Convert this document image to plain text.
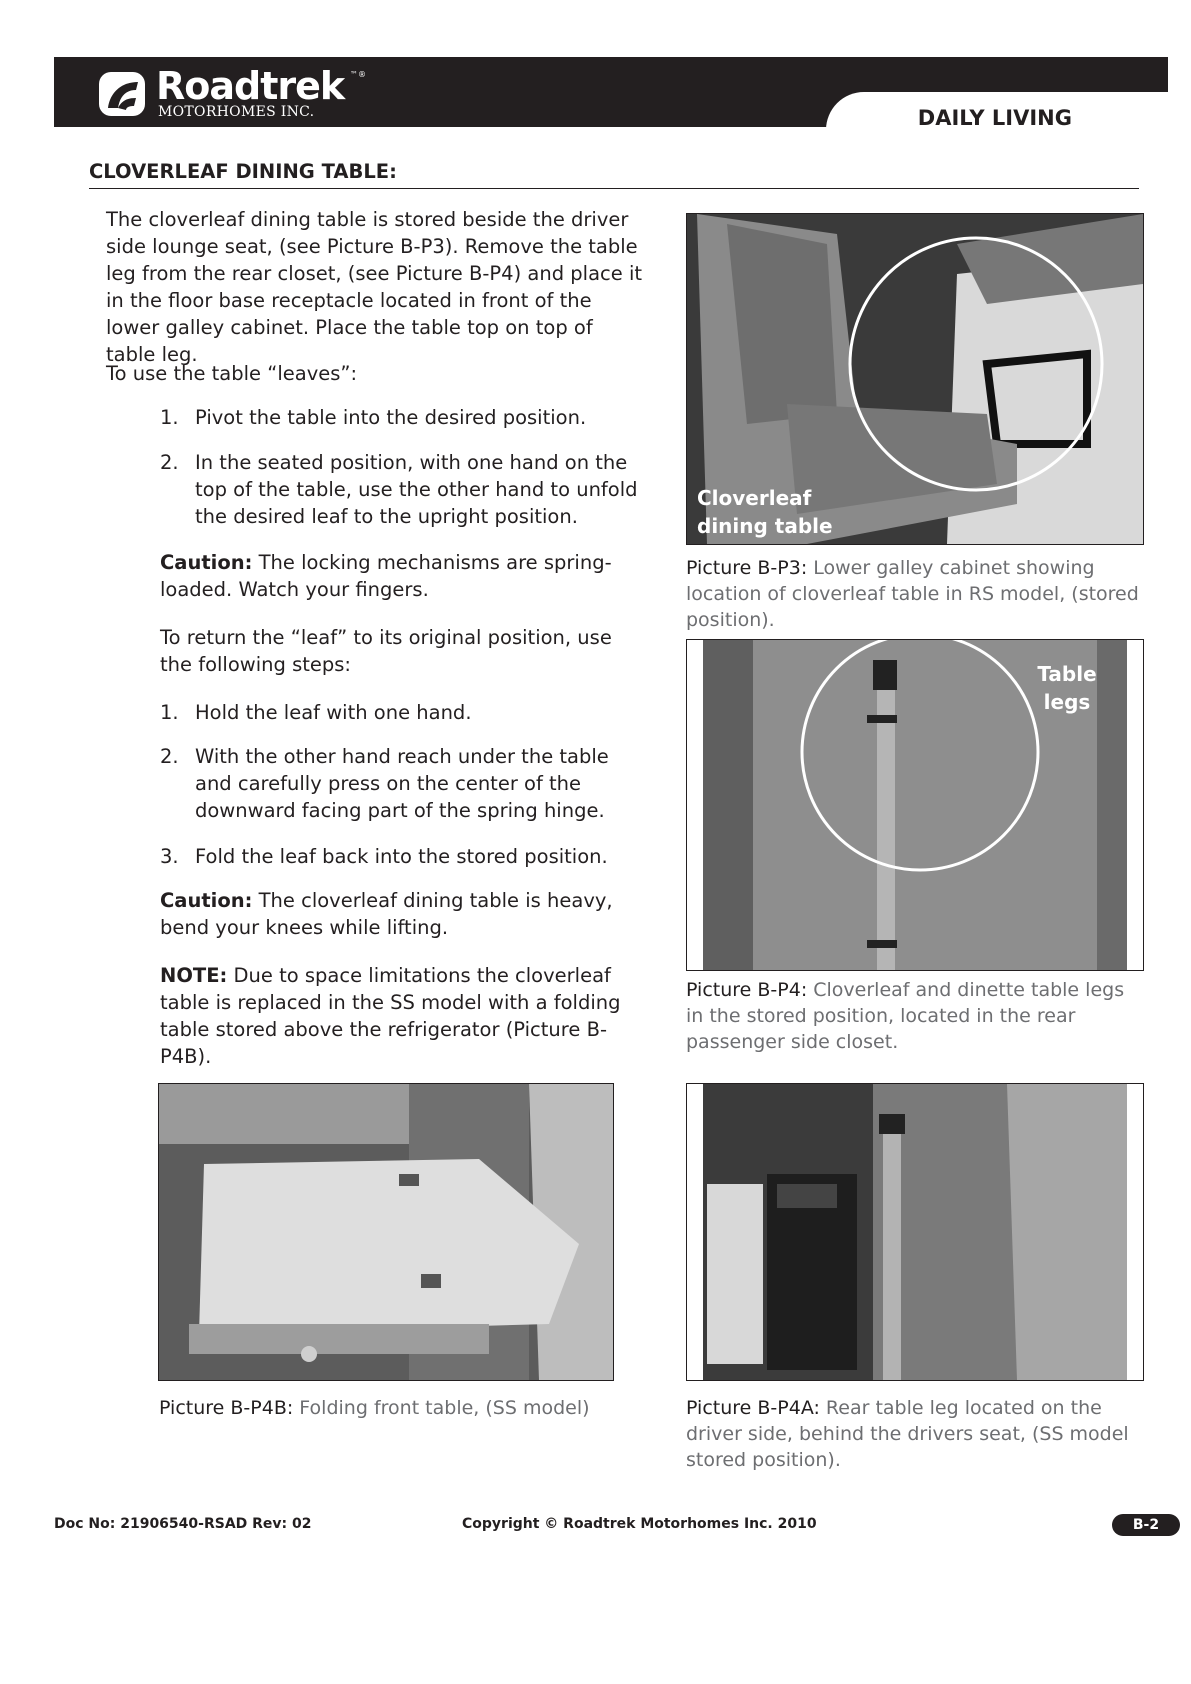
Roadtrek ™®
MOTORHOMES INC.	DAILY LIVING
CLOVERLEAF DINING TABLE:
The cloverleaf dining table is stored beside the driver side lounge seat, (see Picture B-P3). Remove the table leg from the rear closet, (see Picture B-P4) and place it in the floor base receptacle located in front of the lower galley cabinet. Place the table top on top of table leg.
To use the table “leaves”:
1. Pivot the table into the desired position.
2. In the seated position, with one hand on the top of the table, use the other hand to unfold the desired leaf to the upright position.
Caution: The locking mechanisms are spring-loaded. Watch your fingers.
To return the “leaf” to its original position, use the following steps:
1. Hold the leaf with one hand.
2. With the other hand reach under the table and carefully press on the center of the downward facing part of the spring hinge.
3. Fold the leaf back into the stored position.
Caution: The cloverleaf dining table is heavy, bend your knees while lifting.
NOTE: Due to space limitations the cloverleaf table is replaced in the SS model with a folding table stored above the refrigerator (Picture B-P4B).
Cloverleaf
dining table
Picture B-P3: Lower galley cabinet showing location of cloverleaf table in RS model, (stored position).
Table
legs
Picture B-P4: Cloverleaf and dinette table legs in the stored position, located in the rear passenger side closet.
Picture B-P4B: Folding front table, (SS model)	Picture B-P4A: Rear table leg located on the driver side, behind the drivers seat, (SS model stored position).
Doc No: 21906540-RSAD Rev: 02	Copyright © Roadtrek Motorhomes Inc. 2010	B-2
